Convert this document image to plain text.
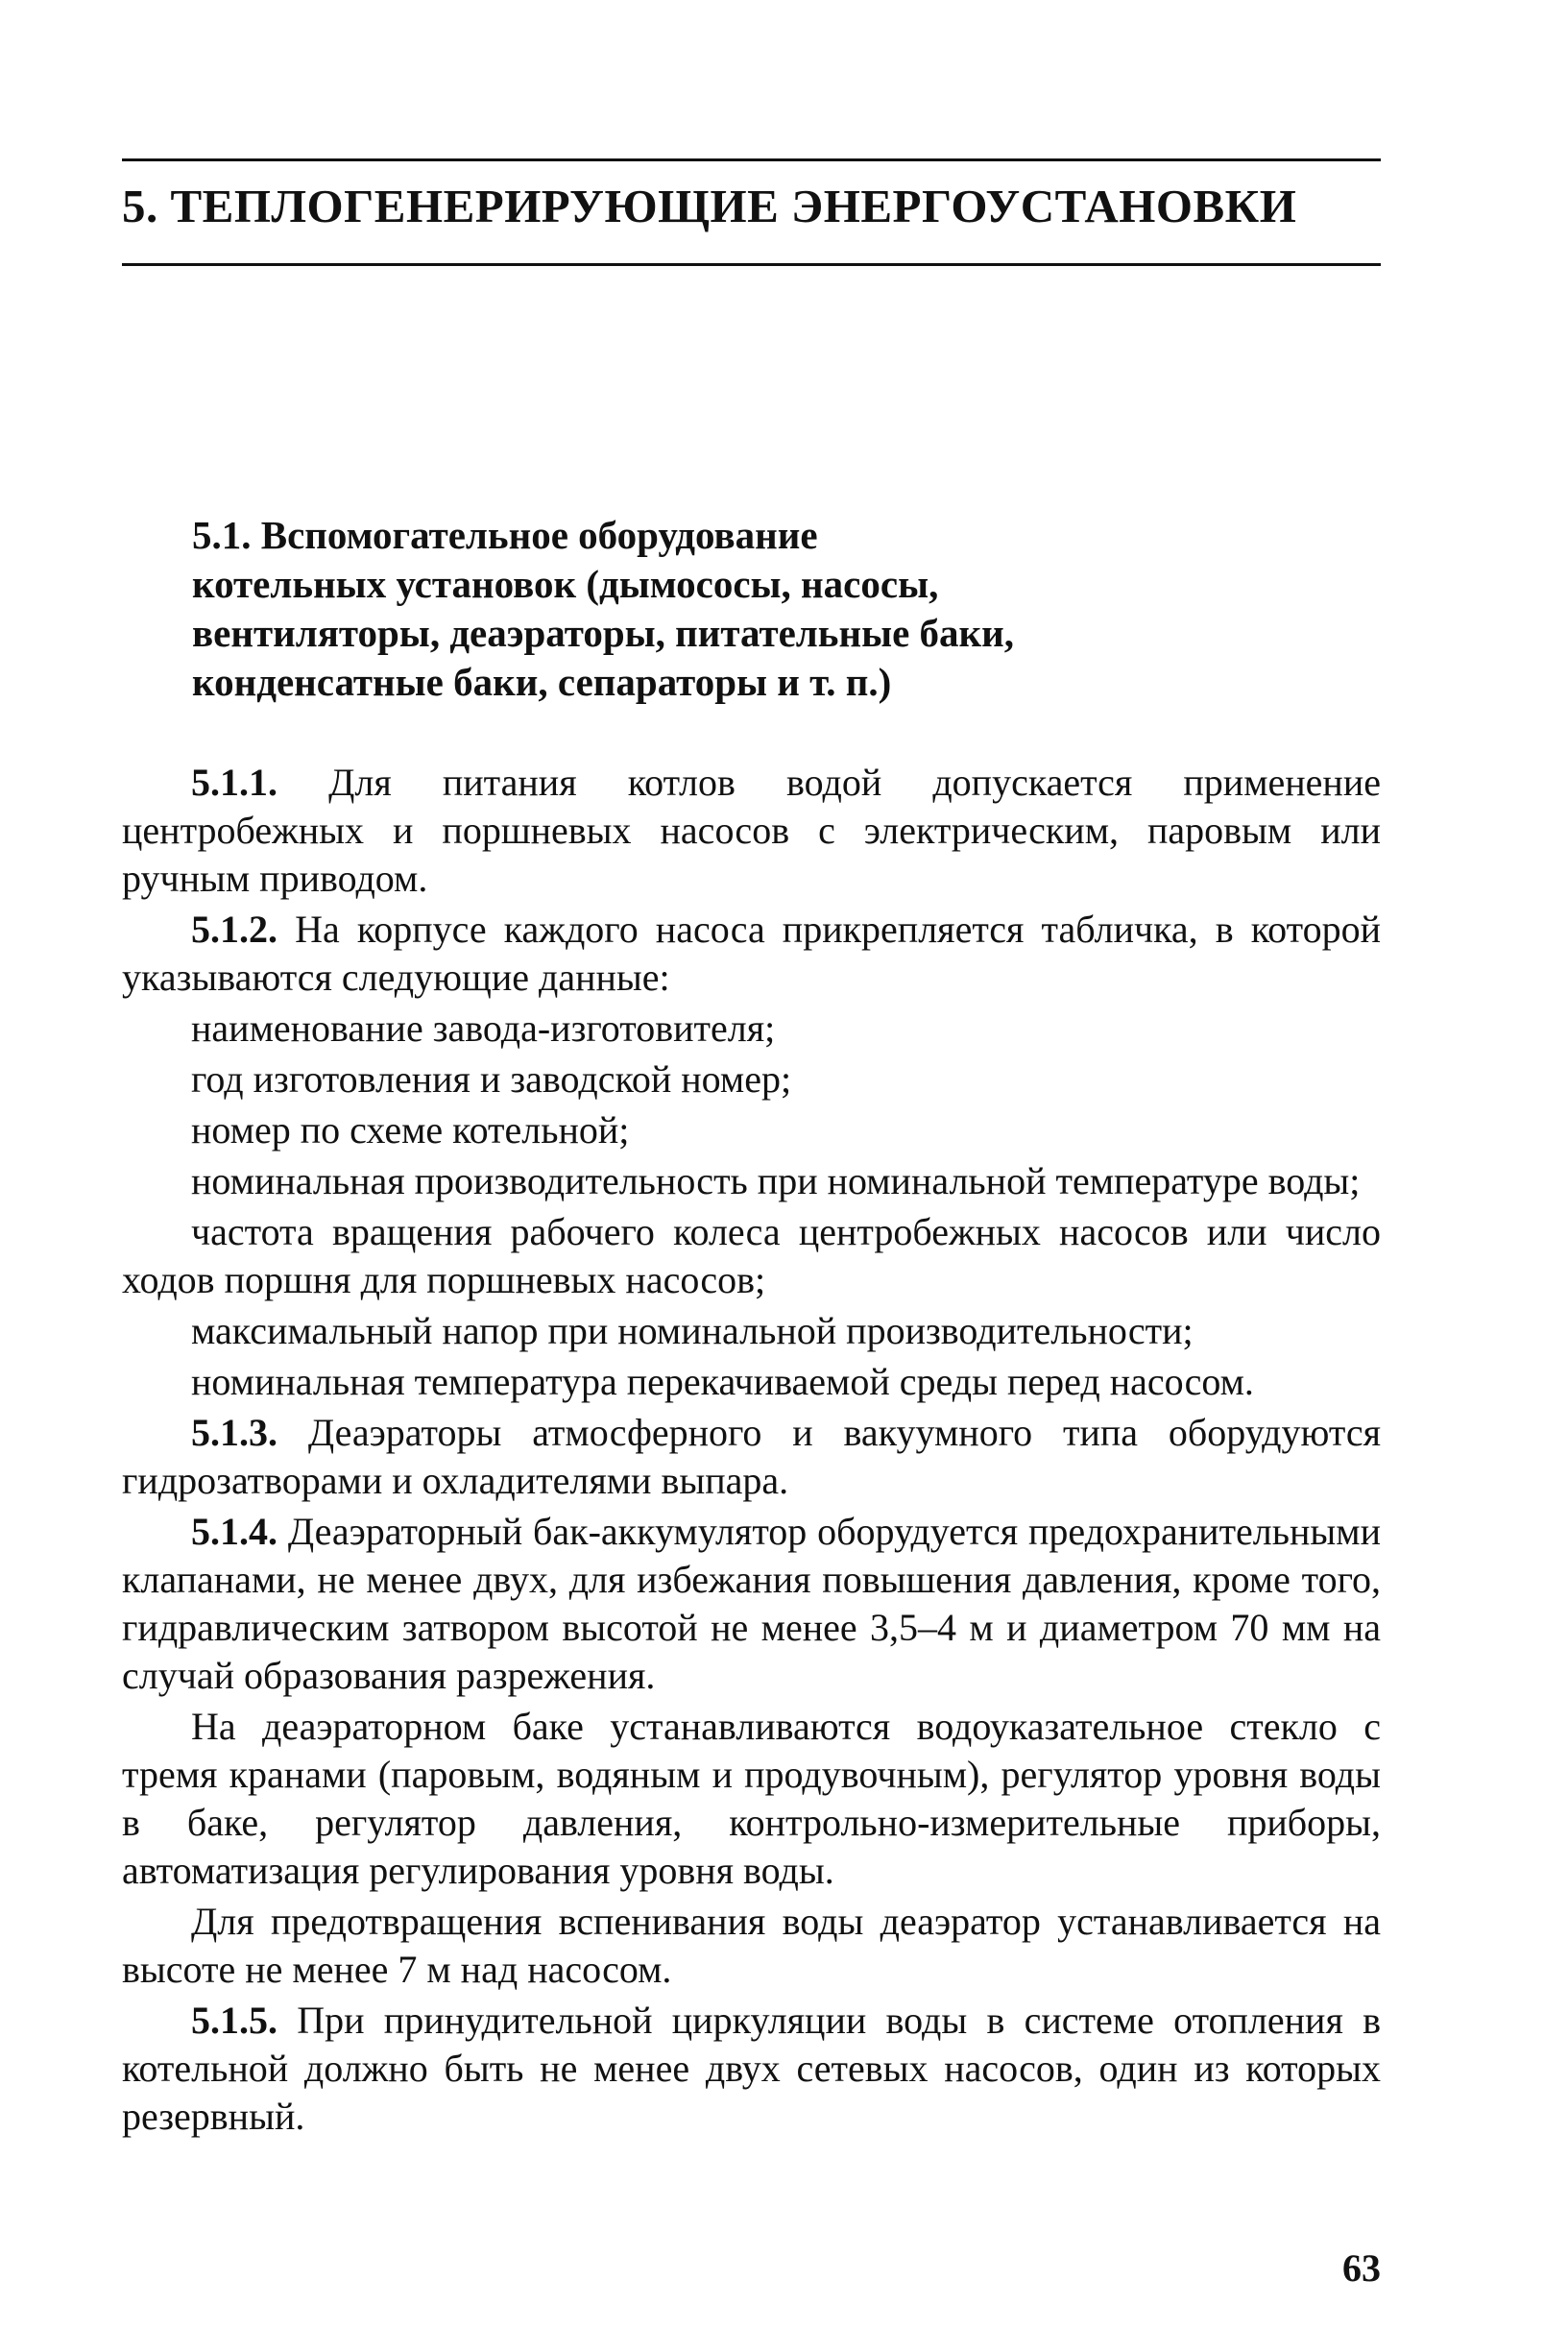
5. ТЕПЛОГЕНЕРИРУЮЩИЕ ЭНЕРГОУСТАНОВКИ
5.1. Вспомогательное оборудование
котельных установок (дымососы, насосы,
вентиляторы, деаэраторы, питательные баки,
конденсатные баки, сепараторы и т. п.)

5.1.1. Для питания котлов водой допускается применение центробежных и поршневых насосов с электрическим, паровым или ручным приводом.

5.1.2. На корпусе каждого насоса прикрепляется табличка, в которой указываются следующие данные:

наименование завода-изготовителя;

год изготовления и заводской номер;

номер по схеме котельной;

номинальная производительность при номинальной температуре воды;

частота вращения рабочего колеса центробежных насосов или число ходов поршня для поршневых насосов;

максимальный напор при номинальной производительности;

номинальная температура перекачиваемой среды перед насосом.

5.1.3. Деаэраторы атмосферного и вакуумного типа оборудуются гидрозатворами и охладителями выпара.

5.1.4. Деаэраторный бак-аккумулятор оборудуется предохранительными клапанами, не менее двух, для избежания повышения давления, кроме того, гидравлическим затвором высотой не менее 3,5–4 м и диаметром 70 мм на случай образования разрежения.

На деаэраторном баке устанавливаются водоуказательное стекло с тремя кранами (паровым, водяным и продувочным), регулятор уровня воды в баке, регулятор давления, контрольно-измерительные приборы, автоматизация регулирования уровня воды.

Для предотвращения вспенивания воды деаэратор устанавливается на высоте не менее 7 м над насосом.

5.1.5. При принудительной циркуляции воды в системе отопления в котельной должно быть не менее двух сетевых насосов, один из которых резервный.

63
